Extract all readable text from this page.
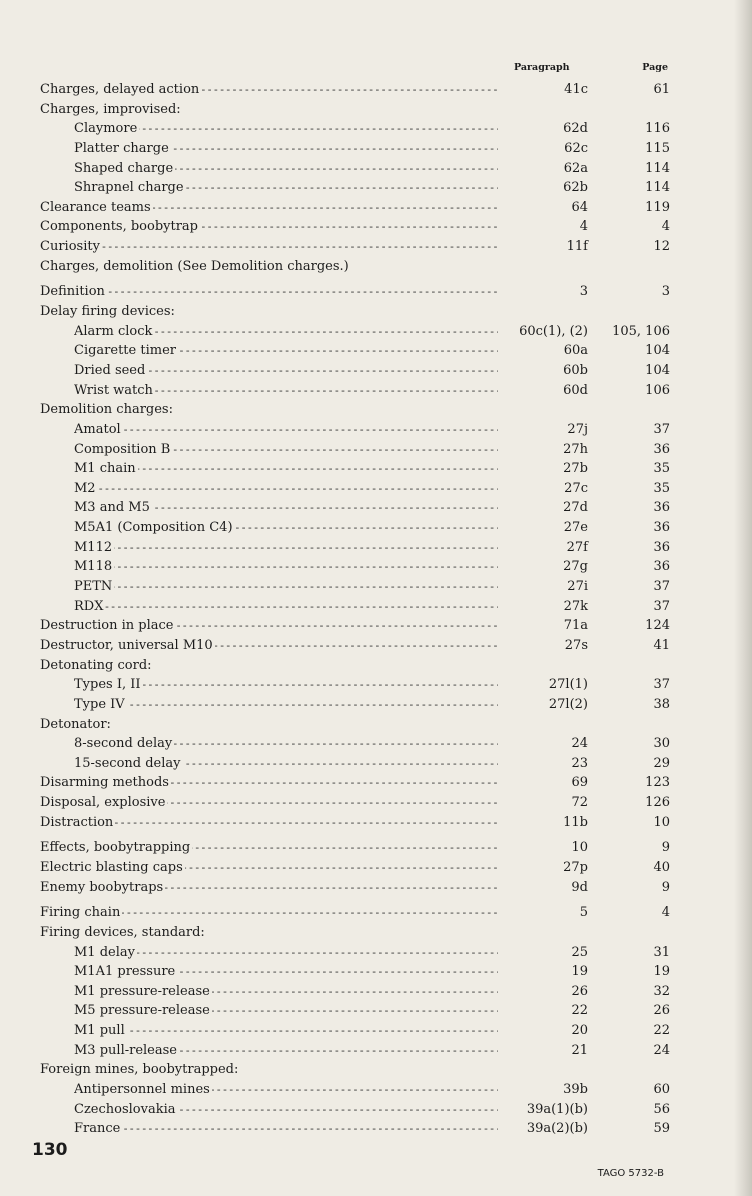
Paragraph	Page
Charges, delayed action - - -	41c	61
Charges, improvised:
Claymore - - -	62d	116
Platter charge - - -	62c	115
Shaped charge - - -	62a	114
Shrapnel charge - - -	62b	114
Clearance teams - - -	64	119
Components, boobytrap - - -	4	4
Curiosity - - -	11f	12
Charges, demolition (See Demolition charges.)
Definition - - -	3	3
Delay firing devices:
Alarm clock - - -	60c(1), (2)	105, 106
Cigarette timer - - -	60a	104
Dried seed - - -	60b	104
Wrist watch - - -	60d	106
Demolition charges:
Amatol - - -	27j	37
Composition B - - -	27h	36
M1 chain - - -	27b	35
M2 - - -	27c	35
M3 and M5 - - -	27d	36
M5A1 (Composition C4) - - -	27e	36
M112 - - -	27f	36
M118 - - -	27g	36
PETN - - -	27i	37
RDX - - -	27k	37
Destruction in place - - -	71a	124
Destructor, universal M10 - - -	27s	41
Detonating cord:
Types I, II - - -	27l(1)	37
Type IV - - -	27l(2)	38
Detonator:
8-second delay - - -	24	30
15-second delay - - -	23	29
Disarming methods - - -	69	123
Disposal, explosive - - -	72	126
Distraction - - -	11b	10
Effects, boobytrapping - - -	10	9
Electric blasting caps - - -	27p	40
Enemy boobytraps - - -	9d	9
Firing chain - - -	5	4
Firing devices, standard:
M1 delay - - -	25	31
M1A1 pressure - - -	19	19
M1 pressure-release - - -	26	32
M5 pressure-release - - -	22	26
M1 pull - - -	20	22
M3 pull-release - - -	21	24
Foreign mines, boobytrapped:
Antipersonnel mines - - -	39b	60
Czechoslovakia - - -	39a(1)(b)	56
France - - -	39a(2)(b)	59
130
TAGO 5732-B
